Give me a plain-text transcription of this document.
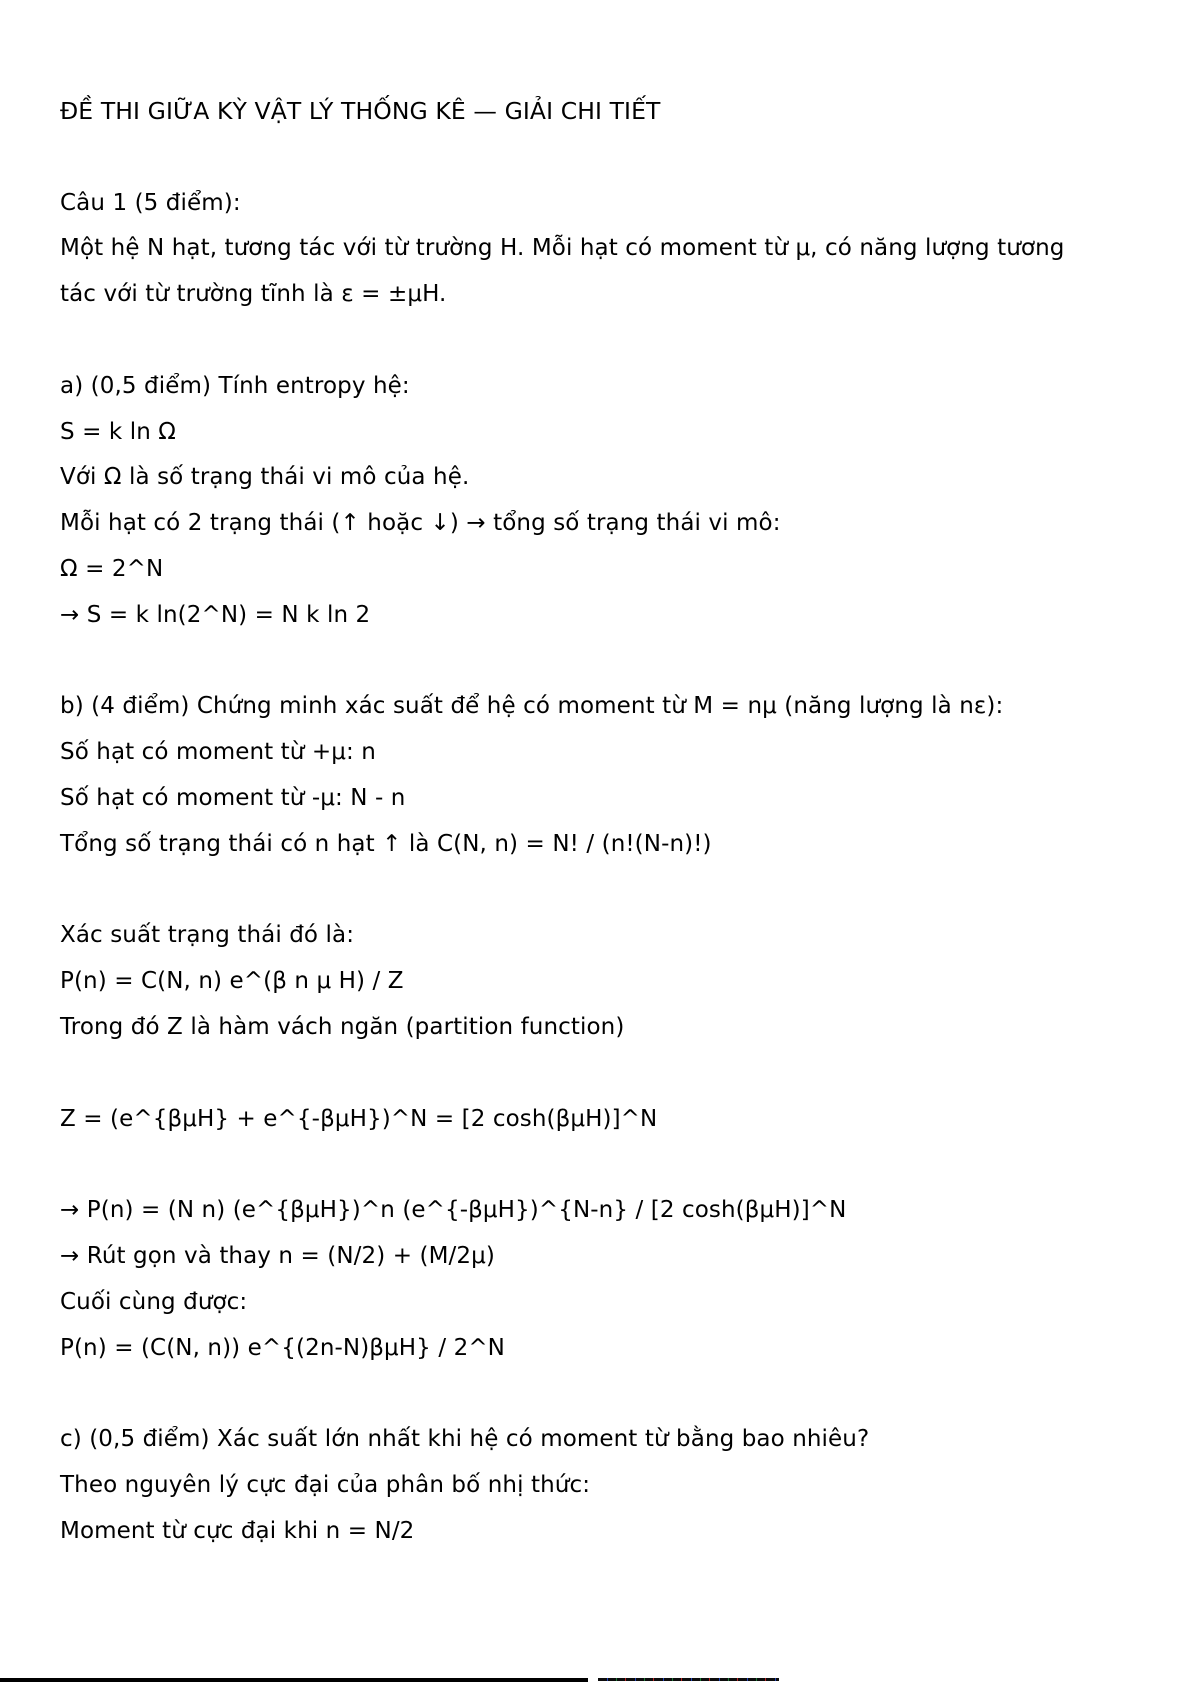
ĐỀ THI GIỮA KỲ VẬT LÝ THỐNG KÊ — GIẢI CHI TIẾT
Câu 1 (5 điểm):
Một hệ N hạt, tương tác với từ trường H. Mỗi hạt có moment từ μ, có năng lượng tương
tác với từ trường tĩnh là ε = ±μH.
a) (0,5 điểm) Tính entropy hệ:
S = k ln Ω
Với Ω là số trạng thái vi mô của hệ.
Mỗi hạt có 2 trạng thái (↑ hoặc ↓) → tổng số trạng thái vi mô:
Ω = 2^N
→ S = k ln(2^N) = N k ln 2
b) (4 điểm) Chứng minh xác suất để hệ có moment từ M = nμ (năng lượng là nε):
Số hạt có moment từ +μ: n
Số hạt có moment từ -μ: N - n
Tổng số trạng thái có n hạt ↑ là C(N, n) = N! / (n!(N-n)!)
Xác suất trạng thái đó là:
P(n) = C(N, n) e^(β n μ H) / Z
Trong đó Z là hàm vách ngăn (partition function)
Z = (e^{βμH} + e^{-βμH})^N = [2 cosh(βμH)]^N
→ P(n) = (N n) (e^{βμH})^n (e^{-βμH})^{N-n} / [2 cosh(βμH)]^N
→ Rút gọn và thay n = (N/2) + (M/2μ)
Cuối cùng được:
P(n) = (C(N, n)) e^{(2n-N)βμH} / 2^N
c) (0,5 điểm) Xác suất lớn nhất khi hệ có moment từ bằng bao nhiêu?
Theo nguyên lý cực đại của phân bố nhị thức:
Moment từ cực đại khi n = N/2
